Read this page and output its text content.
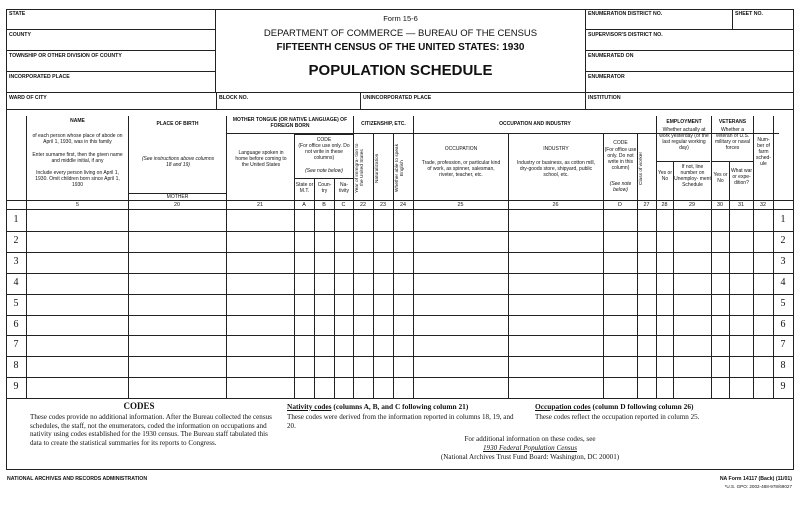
STATE
COUNTY
TOWNSHIP OR OTHER DIVISION OF COUNTY
INCORPORATED PLACE
WARD OF CITY	BLOCK NO.	UNINCORPORATED PLACE	INSTITUTION
Form 15-6
DEPARTMENT OF COMMERCE — BUREAU OF THE CENSUS
FIFTEENTH CENSUS OF THE UNITED STATES: 1930
POPULATION SCHEDULE
ENUMERATION DISTRICT NO.	SHEET NO.
SUPERVISOR'S DISTRICT NO.
ENUMERATED ON
ENUMERATOR
NAME
of each person whose place of abode on April 1, 1930, was in this family
Enter surname first, then the given name and middle initial, if any
Include every person living on April 1, 1930. Omit children born since April 1, 1930
PLACE OF BIRTH
(See instructions above columns 18 and 19)
MOTHER
MOTHER TONGUE (OR NATIVE LANGUAGE) OF FOREIGN BORN
Language spoken in home before coming to the United States
CODE
(For office use only. Do not write in these columns)
(See note below)
State or M.T.
Coun- try
Na- tivity
CITIZENSHIP, ETC.
Year of immigra- tion to the United States	Naturalization	Whether able to speak English
OCCUPATION AND INDUSTRY
OCCUPATION
Trade, profession, or particular kind of work, as spinner, salesman, riveter, teacher, etc.
INDUSTRY
Industry or business, as cotton mill, dry-goods store, shipyard, public school, etc.
CODE
(For office use only. Do not write in this column)
(See note below)
Class of worker
EMPLOYMENT
Whether actually at work yesterday (or the last regular working day)
Yes or No
If not, line number on Unemploy- ment Schedule
VETERANS
Whether a veteran of U.S. military or naval forces
Yes or No
What war or expe- dition?
Num- ber of farm sched- ule
5	20	21	A	B	C	22	23	24	25	26	D	27	28	29	30	31	32
1	1
2	2
3	3
4	4
5	5
6	6
7	7
8	8
9	9
CODES
These codes provide no additional information. After the Bureau collected the census schedules, the staff, not the enumerators, coded the information on occupations and nativity using codes established for the 1930 census. The Bureau staff tabulated this data to create the statistical summaries for its reports to Congress.
Nativity codes (columns A, B, and C following column 21)
These codes were derived from the information reported in columns 18, 19, and 20.
Occupation codes (column D following column 26)
These codes reflect the occupation reported in column 25.
For additional information on these codes, see
1930 Federal Population Census
(National Archives Trust Fund Board: Washington, DC 20001)
NATIONAL ARCHIVES AND RECORDS ADMINISTRATION	NA Form 14117 (Back) (11/01)
*U.S. GPO: 2002-488-978/69027
